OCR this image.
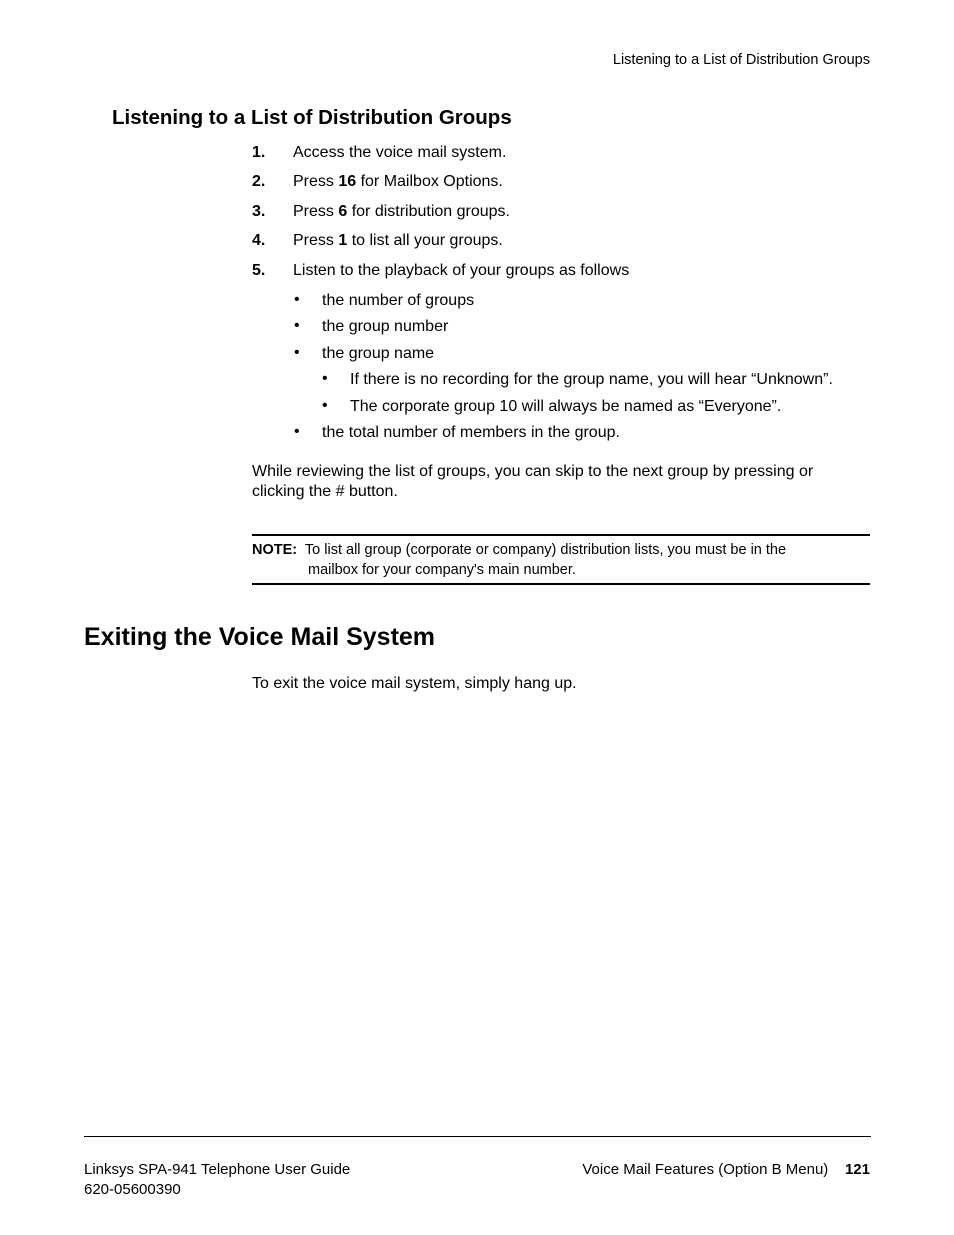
Listening to a List of Distribution Groups
Listening to a List of Distribution Groups
1. Access the voice mail system.
2. Press 16 for Mailbox Options.
3. Press 6 for distribution groups.
4. Press 1 to list all your groups.
5. Listen to the playback of your groups as follows
• the number of groups
• the group number
• the group name
• If there is no recording for the group name, you will hear “Unknown”.
• The corporate group 10 will always be named as “Everyone”.
• the total number of members in the group.
While reviewing the list of groups, you can skip to the next group by pressing or
clicking the # button.
NOTE: To list all group (corporate or company) distribution lists, you must be in the
mailbox for your company's main number.
Exiting the Voice Mail System
To exit the voice mail system, simply hang up.
Linksys SPA-941 Telephone User Guide
620-05600390
Voice Mail Features (Option B Menu) 121
